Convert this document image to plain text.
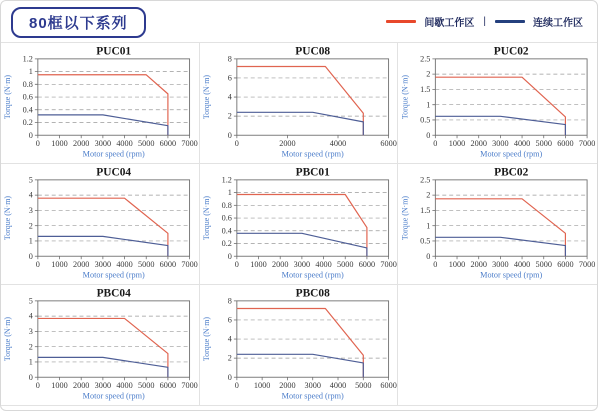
80框以下系列	间歇工作区 |	连续工作区
0
0.2
0.4
0.6
0.8
1
1.2
0 1000 2000 3000 4000 5000 6000 7000
PUC01
Motor speed (rpm)
Torque (N·m)
0
2
4
6
8
0	2000	4000	6000
PUC08
Motor speed (rpm)
Torque (N·m)
0
0.5
1
1.5
2
2.5
0 1000 2000 3000 4000 5000 6000 7000
PUC02
Motor speed (rpm)
Torque (N·m)
0
1
2
3
4
5
0 1000 2000 3000 4000 5000 6000 7000
PUC04
Motor speed (rpm)
Torque (N·m)
0
0.2
0.4
0.6
0.8
1
1.2
0 1000 2000 3000 4000 5000 6000 7000
PBC01
Motor speed (rpm)
Torque (N·m)
0
0.5
1
1.5
2
2.5
0 1000 2000 3000 4000 5000 6000 7000
PBC02
Motor speed (rpm)
Torque (N·m)
0
1
2
3
4
5
0 1000 2000 3000 4000 5000 6000 7000
PBC04
Motor speed (rpm)
Torque (N·m)
0
2
4
6
8
0 1000 2000 3000 4000 5000 6000
PBC08
Motor speed (rpm)
Torque (N·m)
